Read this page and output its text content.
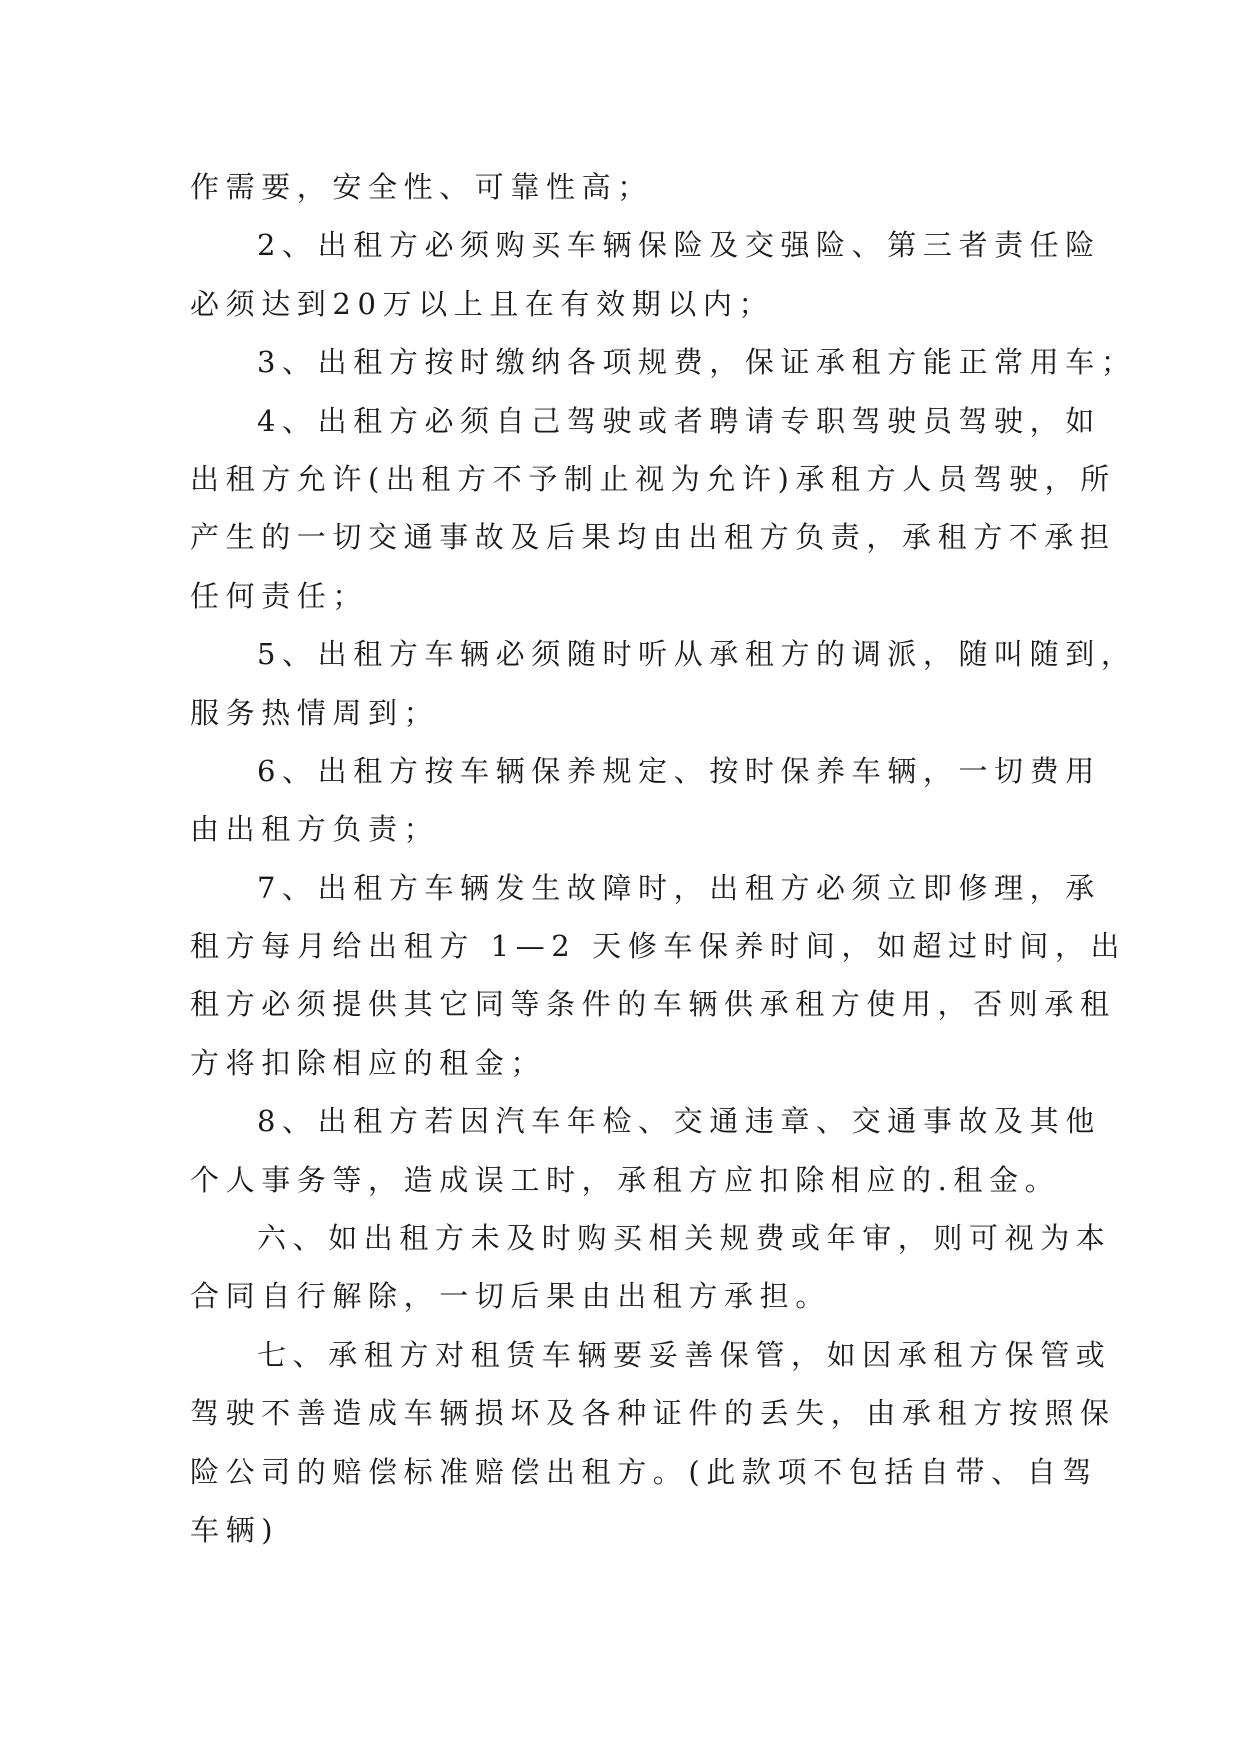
作需要，安全性、可靠性高；

2、出租方必须购买车辆保险及交强险、第三者责任险
必须达到20万以上且在有效期以内；

3、出租方按时缴纳各项规费，保证承租方能正常用车；

4、出租方必须自己驾驶或者聘请专职驾驶员驾驶，如
出租方允许(出租方不予制止视为允许)承租方人员驾驶，所
产生的一切交通事故及后果均由出租方负责，承租方不承担
任何责任；

5、出租方车辆必须随时听从承租方的调派，随叫随到，
服务热情周到；

6、出租方按车辆保养规定、按时保养车辆，一切费用
由出租方负责；

7、出租方车辆发生故障时，出租方必须立即修理，承
租方每月给出租方 1—2 天修车保养时间，如超过时间，出
租方必须提供其它同等条件的车辆供承租方使用，否则承租
方将扣除相应的租金；

8、出租方若因汽车年检、交通违章、交通事故及其他
个人事务等，造成误工时，承租方应扣除相应的.租金。

六、如出租方未及时购买相关规费或年审，则可视为本
合同自行解除，一切后果由出租方承担。

七、承租方对租赁车辆要妥善保管，如因承租方保管或
驾驶不善造成车辆损坏及各种证件的丢失，由承租方按照保
险公司的赔偿标准赔偿出租方。(此款项不包括自带、自驾
车辆)
